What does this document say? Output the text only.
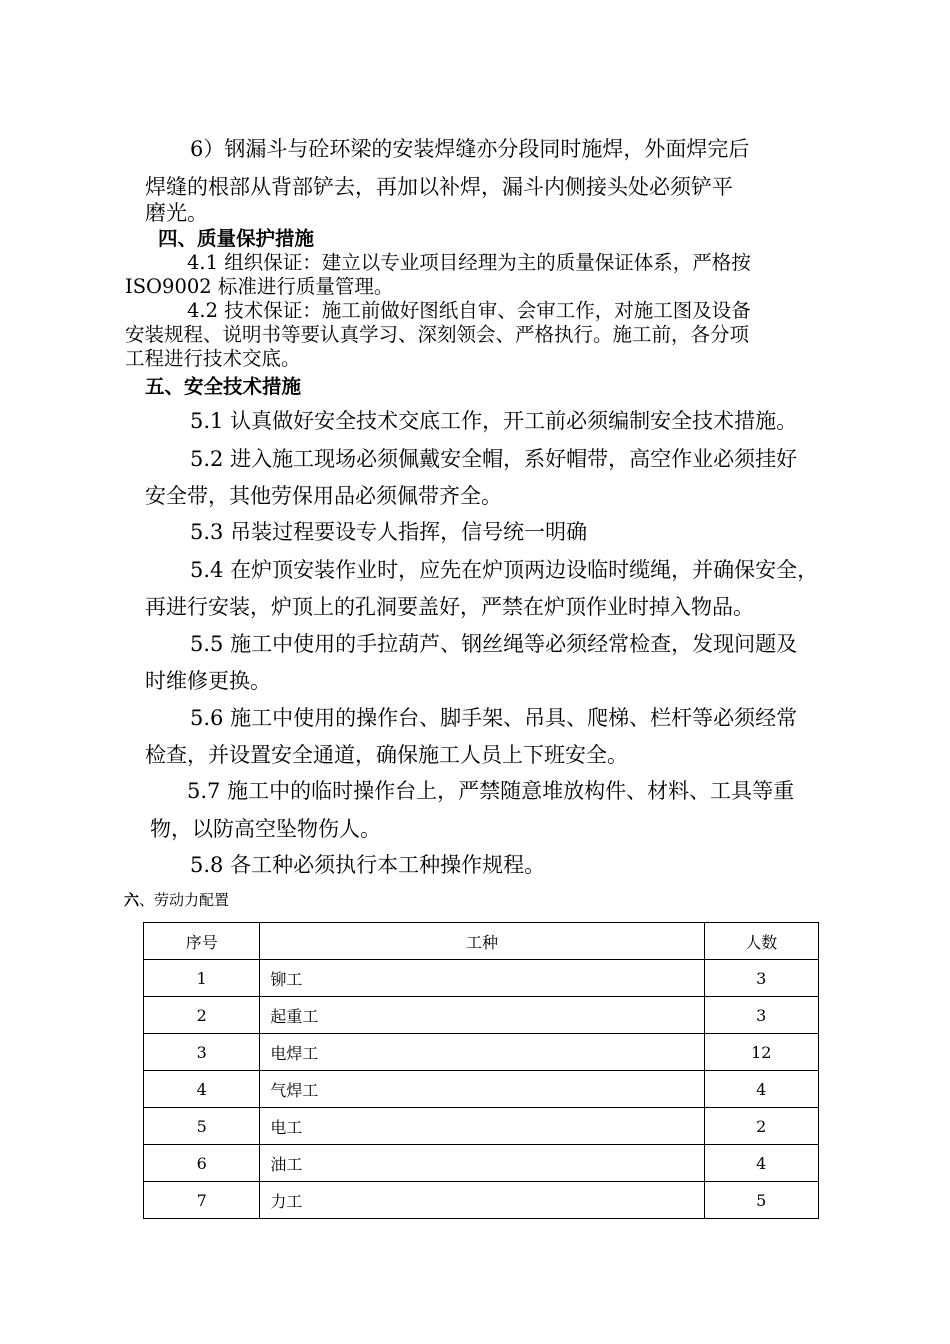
6）钢漏斗与砼环梁的安装焊缝亦分段同时施焊，外面焊完后
焊缝的根部从背部铲去，再加以补焊，漏斗内侧接头处必须铲平
磨光。
四、质量保护措施
4.1 组织保证：建立以专业项目经理为主的质量保证体系，严格按
ISO9002 标准进行质量管理。
4.2 技术保证：施工前做好图纸自审、会审工作，对施工图及设备
安装规程、说明书等要认真学习、深刻领会、严格执行。施工前，各分项
工程进行技术交底。
五、安全技术措施
5.1 认真做好安全技术交底工作，开工前必须编制安全技术措施。
5.2 进入施工现场必须佩戴安全帽，系好帽带，高空作业必须挂好
安全带，其他劳保用品必须佩带齐全。
5.3 吊装过程要设专人指挥，信号统一明确
5.4 在炉顶安装作业时，应先在炉顶两边设临时缆绳，并确保安全，
再进行安装，炉顶上的孔洞要盖好，严禁在炉顶作业时掉入物品。
5.5 施工中使用的手拉葫芦、钢丝绳等必须经常检查，发现问题及
时维修更换。
5.6 施工中使用的操作台、脚手架、吊具、爬梯、栏杆等必须经常
检查，并设置安全通道，确保施工人员上下班安全。
5.7 施工中的临时操作台上，严禁随意堆放构件、材料、工具等重
物，以防高空坠物伤人。
5.8 各工种必须执行本工种操作规程。
六、劳动力配置
序号	工种	人数
1	铆工	3
2	起重工	3
3	电焊工	12
4	气焊工	4
5	电工	2
6	油工	4
7	力工	5
